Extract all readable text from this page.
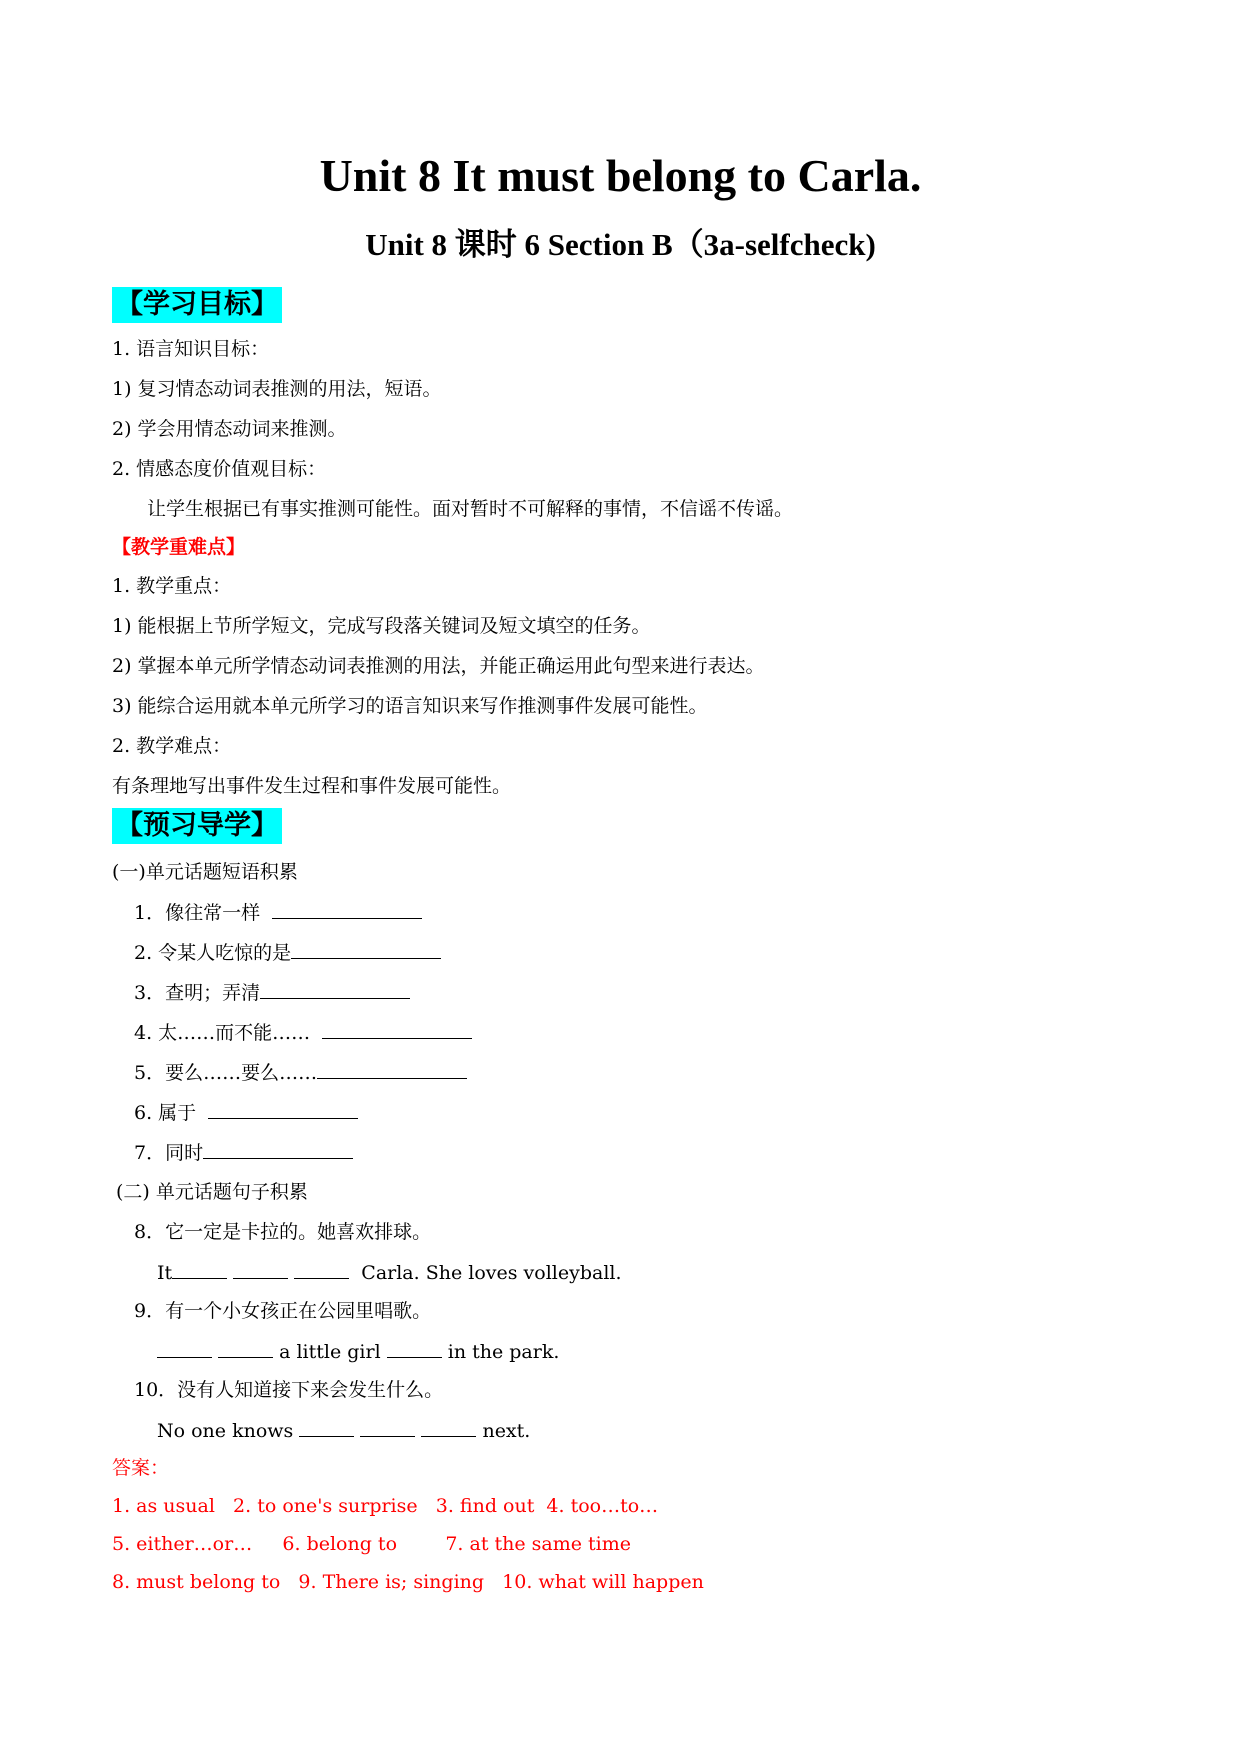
Unit 8 It must belong to Carla.
Unit 8 课时 6 Section B（3a-selfcheck)
【学习目标】
1. 语言知识目标：
1) 复习情态动词表推测的用法，短语。
2) 学会用情态动词来推测。
2. 情感态度价值观目标：
让学生根据已有事实推测可能性。面对暂时不可解释的事情，不信谣不传谣。
【教学重难点】
1. 教学重点：
1) 能根据上节所学短文，完成写段落关键词及短文填空的任务。
2) 掌握本单元所学情态动词表推测的用法，并能正确运用此句型来进行表达。
3) 能综合运用就本单元所学习的语言知识来写作推测事件发展可能性。
2. 教学难点：
有条理地写出事件发生过程和事件发展可能性。
【预习导学】
(一)单元话题短语积累
1．像往常一样
2. 令某人吃惊的是
3．查明；弄清
4. 太……而不能……
5．要么……要么……
6. 属于
7．同时
(二) 单元话题句子积累
8．它一定是卡拉的。她喜欢排球。
It	Carla. She loves volleyball.
9．有一个小女孩正在公园里唱歌。
a little girl	in the park.
10．没有人知道接下来会发生什么。
No one knows	next.
答案：
1. as usual   2. to one's surprise   3. find out  4. too…to…
5. either…or…     6. belong to        7. at the same time
8. must belong to   9. There is; singing   10. what will happen
